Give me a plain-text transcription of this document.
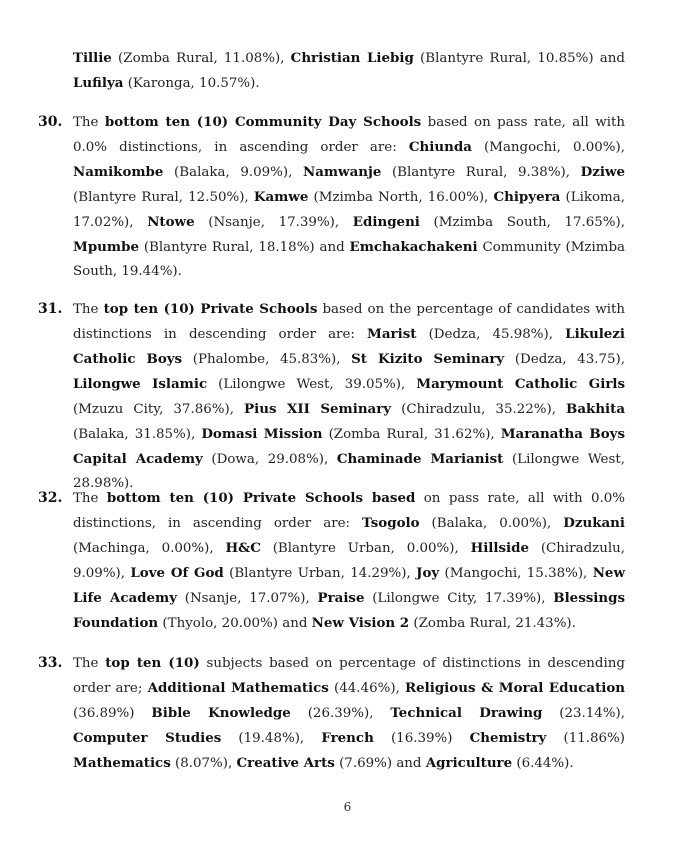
Tillie (Zomba Rural, 11.08%), Christian Liebig (Blantyre Rural, 10.85%) and Lufilya (Karonga, 10.57%).
30. The bottom ten (10) Community Day Schools based on pass rate, all with 0.0% distinctions, in ascending order are: Chiunda (Mangochi, 0.00%), Namikombe (Balaka, 9.09%), Namwanje (Blantyre Rural, 9.38%), Dziwe (Blantyre Rural, 12.50%), Kamwe (Mzimba North, 16.00%), Chipyera (Likoma, 17.02%), Ntowe (Nsanje, 17.39%), Edingeni (Mzimba South, 17.65%), Mpumbe (Blantyre Rural, 18.18%) and Emchakachakeni Community (Mzimba South, 19.44%).
31. The top ten (10) Private Schools based on the percentage of candidates with distinctions in descending order are: Marist (Dedza, 45.98%), Likulezi Catholic Boys (Phalombe, 45.83%), St Kizito Seminary (Dedza, 43.75), Lilongwe Islamic (Lilongwe West, 39.05%), Marymount Catholic Girls (Mzuzu City, 37.86%), Pius XII Seminary (Chiradzulu, 35.22%), Bakhita (Balaka, 31.85%), Domasi Mission (Zomba Rural, 31.62%), Maranatha Boys Capital Academy (Dowa, 29.08%), Chaminade Marianist (Lilongwe West, 28.98%).
32. The bottom ten (10) Private Schools based on pass rate, all with 0.0% distinctions, in ascending order are: Tsogolo (Balaka, 0.00%), Dzukani (Machinga, 0.00%), H&C (Blantyre Urban, 0.00%), Hillside (Chiradzulu, 9.09%), Love Of God (Blantyre Urban, 14.29%), Joy (Mangochi, 15.38%), New Life Academy (Nsanje, 17.07%), Praise (Lilongwe City, 17.39%), Blessings Foundation (Thyolo, 20.00%) and New Vision 2 (Zomba Rural, 21.43%).
33. The top ten (10) subjects based on percentage of distinctions in descending order are; Additional Mathematics (44.46%), Religious & Moral Education (36.89%) Bible Knowledge (26.39%), Technical Drawing (23.14%), Computer Studies (19.48%), French (16.39%) Chemistry (11.86%) Mathematics (8.07%), Creative Arts (7.69%) and Agriculture (6.44%).
6
